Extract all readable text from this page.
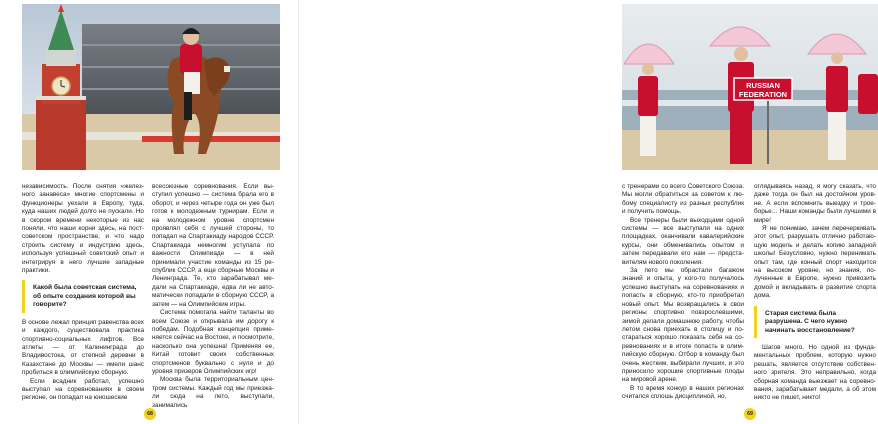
независимость. После снятия «железного занавеса» многие спортсмены и функционеры уехали в Европу, туда, куда наших людей долго не пускали. Но в скором времени некоторые из нас поняли, что наши корни здесь, на постсоветском пространстве, и что надо строить систему и индустрию здесь, используя успешный советский опыт и интегрируя в него лучшие западные практики.

Какой была советская система, об опыте создания которой вы говорите?

В основе лежал принцип равенства всех и каждого, существовала практика спортивно-социальных лифтов. Все атлеты — от Калининграда до Владивостока, от степной деревни в Казахстане до Москвы — имели шанс пробиться в олимпийскую сборную.

Если всадник работал, успешно выступал на соревнованиях в своем регионе, он попадал на юношеские

всесоюзные соревнования. Если выступил успешно — система брала его в оборот, и через четыре года он уже был готов к молодежным турнирам. Если и на молодежном уровне спортсмен проявлял себя с лучшей стороны, то попадал на Спартакиаду народов СССР. Спартакиада немногим уступала по важности Олимпиаде — в ней принимали участие команды из 15 республик СССР, а еще сборные Москвы и Ленинграда. Те, кто зарабатывал медали на Спартакиаде, едва ли не автоматически попадали в сборную СССР, а затем — на Олимпийские игры.

Система помогала найти таланты во всем Союзе и открывала им дорогу к победам. Подобная концепция применяется сейчас на Востоке, и посмотрите, насколько она успешна! Применяя ее, Китай готовит своих собственных спортсменов буквально с нуля и до уровня призеров Олимпийских игр!

Москва была территориальным центром системы. Каждый год мы приезжали сюда на лето, выступали, занимались

68
RUSSIAN
FEDERATION

с тренерами со всего Советского Союза. Мы могли обратиться за советом к любому специалисту из разных республик и получить помощь.

Все тренеры были выходцами одной системы — все выступали на одних площадках, оканчивали кавалерийские курсы, они обменивались опытом и затем передавали его нам — представителям нового поколения.

За пето мы обрастали багажом знаний и опыта, у кого-то получалось успешно выступать на соревнованиях и попасть в сборную, кто-то приобретал новый опыт. Мы возвращались в свои регионы спортивно повзрослевшими, зимой делали домашнюю работу, чтобы летом снова приехать в столицу и постараться хорошо показать себя на соревнованиях и в итоге попасть в олимпийскую сборную. Отбор в команду был очень жестким, выбирали лучших, и это приносило хорошие спортивные плоды на мировой арене.

В то время конкур в наших регионах считался сплошь дисциплиной, но,

оглядываясь назад, я могу сказать, что даже тогда он был на достойном уровне. А если вспомнить выездку и троеборье… Наши команды были лучшими в мире!

Я не понимаю, зачем перечеркивать этот опыт, разрушать отлично работающую модель и делать копию западной школы! Безусловно, нужно перенимать опыт там, где конный спорт находится на высоком уровне, но знания, полученные в Европе, нужно привозить домой и вкладывать в развитие спорта дома.

Старая система была разрушена. С чего нужно начинать восстановление?

Шагов много. Но одной из фундаментальных проблем, которую нужно решать, является отсутствие собственного зрителя. Это неправильно, когда сборная команда выезжает на соревнования, зарабатывает медали, а об этом никто не пишет, никто!

69
